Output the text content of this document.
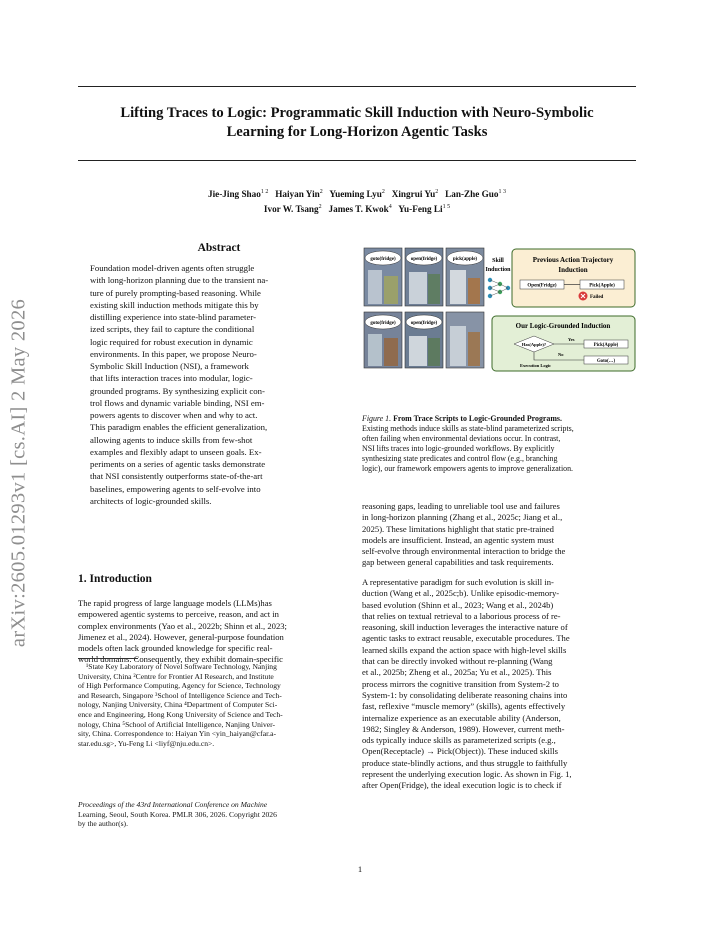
Lifting Traces to Logic: Programmatic Skill Induction with Neuro-Symbolic
Learning for Long-Horizon Agentic Tasks
Jie-Jing Shao$^{1 2}$ Haiyan Yin$^2$ Yueming Lyu$^2$ Xingrui Yu$^2$ Lan-Zhe Guo$^{1 3}$
Ivor W. Tsang$^2$ James T. Kwok$^4$ Yu-Feng $Li^{1 5}$
arXiv:2605.01293v1 [cs.AI] 2 May 2026
Abstract

Foundation model-driven agents often struggle

with long-horizon planning due to the transient na-

ture of purely prompting-based reasoning. While

existing skill induction methods mitigate this by

distilling experience into state-blind parameter-

ized scripts, they fail to capture the conditional

logic required for robust execution in dynamic

environments. In this paper, we propose Neuro-

Symbolic Skill Induction (NSI), a framework

that lifts interaction traces into modular, logic-

grounded programs. By synthesizing explicit con-

trol flows and dynamic variable binding, NSI em-

powers agents to discover when and why to act.

This paradigm enables the efficient generalization,

allowing agents to induce skills from few-shot

examples and flexibly adapt to unseen goals. Ex-

periments on a series of agentic tasks demonstrate

that NSI consistently outperforms state-of-the-art

baselines, empowering agents to self-evolve into

architects of logic-grounded skills.

1. Introduction

The rapid progress of large language models (LLMs)has

empowered agentic systems to perceive, reason, and act in

complex environments (Yao et al., 2022b; Shinn et al., 2023;

Jimenez et al., 2024). However, general-purpose foundation

models often lack grounded knowledge for specific real-

world domains. Consequently, they exhibit domain-specific

¹State Key Laboratory of Novel Software Technology, Nanjing
University, China ²Centre for Frontier AI Research, and Institute
of High Performance Computing, Agency for Science, Technology
and Research, Singapore ³School of Intelligence Science and Tech-
nology, Nanjing University, China ⁴Department of Computer Sci-
ence and Engineering, Hong Kong University of Science and Tech-
nology, China ⁵School of Artificial Intelligence, Nanjing Univer-
sity, China. Correspondence to: Haiyan Yin <yin_haiyan@cfar.a-
star.edu.sg>, Yu-Feng Li <liyf@nju.edu.cn>.
Proceedings of the 43rd International Conference on Machine
Learning, Seoul, South Korea. PMLR 306, 2026. Copyright 2026
by the author(s).
goto(fridge)	open(fridge)	pick(apple)
goto(fridge)	open(fridge)
Skill
Induction
Previous Action Trajectory
Induction
Open(Fridge)	Pick(Apple)
Failed
Our Logic-Grounded Induction
Has(Apple)?
Yes
Pick(Apple)
No
Goto(…)
Execution Logic
Figure 1. From Trace Scripts to Logic-Grounded Programs.
Existing methods induce skills as state-blind parameterized scripts,
often failing when environmental deviations occur. In contrast,
NSI lifts traces into logic-grounded workflows. By explicitly
synthesizing state predicates and control flow (e.g., branching
logic), our framework empowers agents to improve generalization.

reasoning gaps, leading to unreliable tool use and failures

in long-horizon planning (Zhang et al., 2025c; Jiang et al.,

2025). These limitations highlight that static pre-trained

models are insufficient. Instead, an agentic system must

self-evolve through environmental interaction to bridge the

gap between general capabilities and task requirements.

A representative paradigm for such evolution is skill in-

duction (Wang et al., 2025c;b). Unlike episodic-memory-

based evolution (Shinn et al., 2023; Wang et al., 2024b)

that relies on textual retrieval to a laborious process of re-

reasoning, skill induction leverages the interactive nature of

agentic tasks to extract reusable, executable procedures. The

learned skills expand the action space with high-level skills

that can be directly invoked without re-planning (Wang

et al., 2025b; Zheng et al., 2025a; Yu et al., 2025). This

process mirrors the cognitive transition from System-2 to

System-1: by consolidating deliberate reasoning chains into

fast, reflexive “muscle memory” (skills), agents effectively

internalize experience as an executable ability (Anderson,

1982; Singley & Anderson, 1989). However, current meth-

ods typically induce skills as parameterized scripts (e.g.,

Open(Receptacle) → Pick(Object)). These induced skills

produce state-blindly actions, and thus struggle to faithfully

represent the underlying execution logic. As shown in Fig. 1,

after Open(Fridge), the ideal execution logic is to check if

1
